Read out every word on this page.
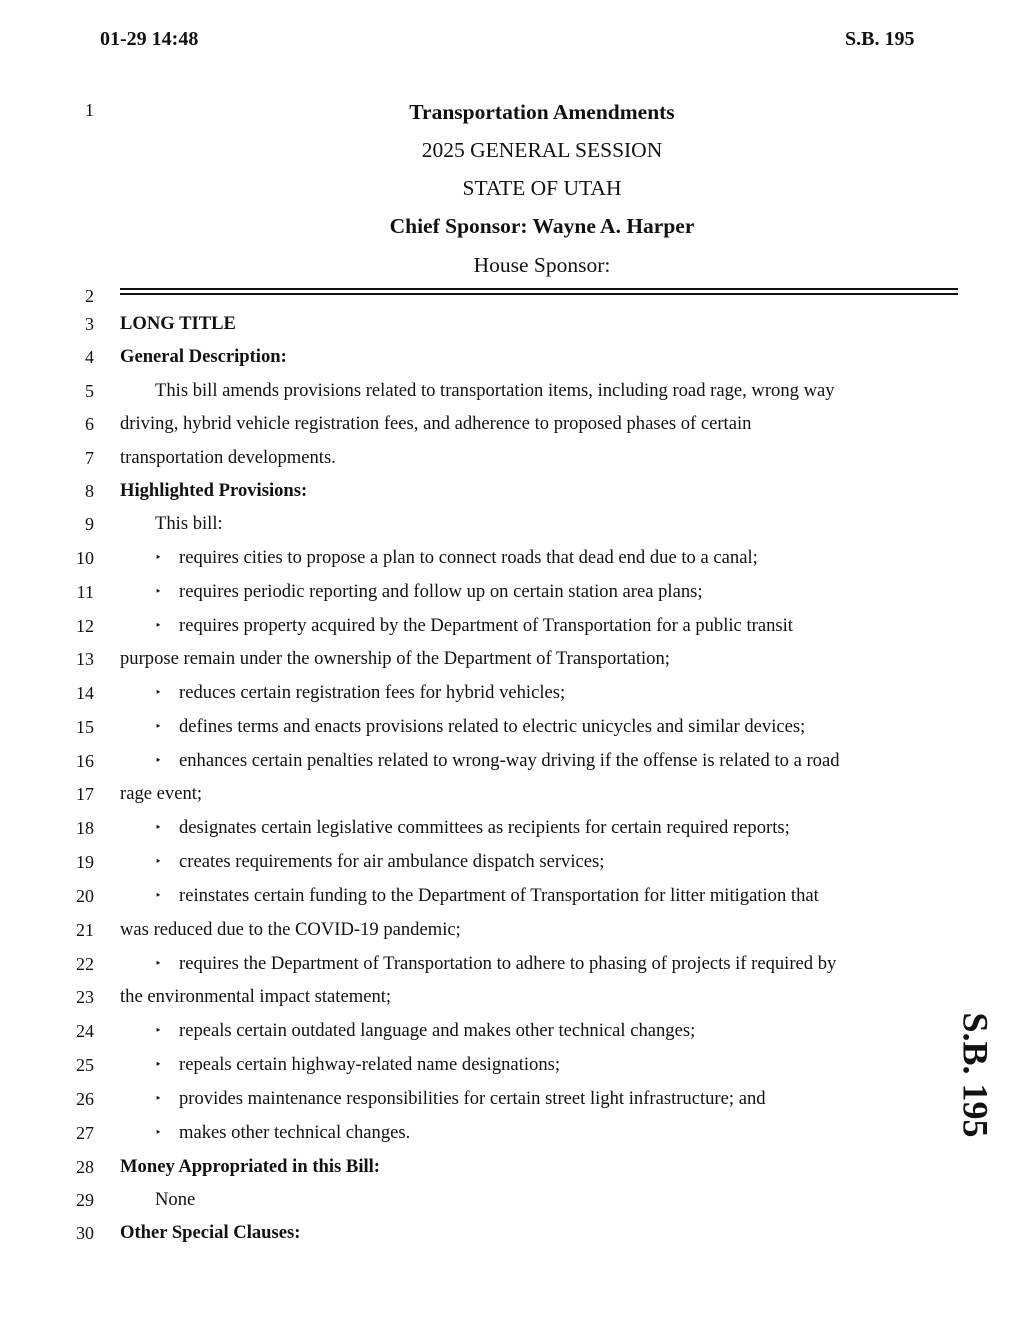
01-29 14:48	S.B. 195
1
2
3
4
5
6
7
8
9
10
11
12
13
14
15
16
17
18
19
20
21
22
23
24
25
26
27
28
29
30
Transportation Amendments
2025 GENERAL SESSION
STATE OF UTAH
Chief Sponsor: Wayne A. Harper
House Sponsor:
LONG TITLE
General Description:
This bill amends provisions related to transportation items, including road rage, wrong way
driving, hybrid vehicle registration fees, and adherence to proposed phases of certain
transportation developments.
Highlighted Provisions:
This bill:
‣ requires cities to propose a plan to connect roads that dead end due to a canal;
‣ requires periodic reporting and follow up on certain station area plans;
‣ requires property acquired by the Department of Transportation for a public transit
purpose remain under the ownership of the Department of Transportation;
‣ reduces certain registration fees for hybrid vehicles;
‣ defines terms and enacts provisions related to electric unicycles and similar devices;
‣ enhances certain penalties related to wrong-way driving if the offense is related to a road
rage event;
‣ designates certain legislative committees as recipients for certain required reports;
‣ creates requirements for air ambulance dispatch services;
‣ reinstates certain funding to the Department of Transportation for litter mitigation that
was reduced due to the COVID-19 pandemic;
‣ requires the Department of Transportation to adhere to phasing of projects if required by
the environmental impact statement;
‣ repeals certain outdated language and makes other technical changes;
‣ repeals certain highway-related name designations;
‣ provides maintenance responsibilities for certain street light infrastructure; and
‣ makes other technical changes.
Money Appropriated in this Bill:
None
Other Special Clauses:
S.B. 195
